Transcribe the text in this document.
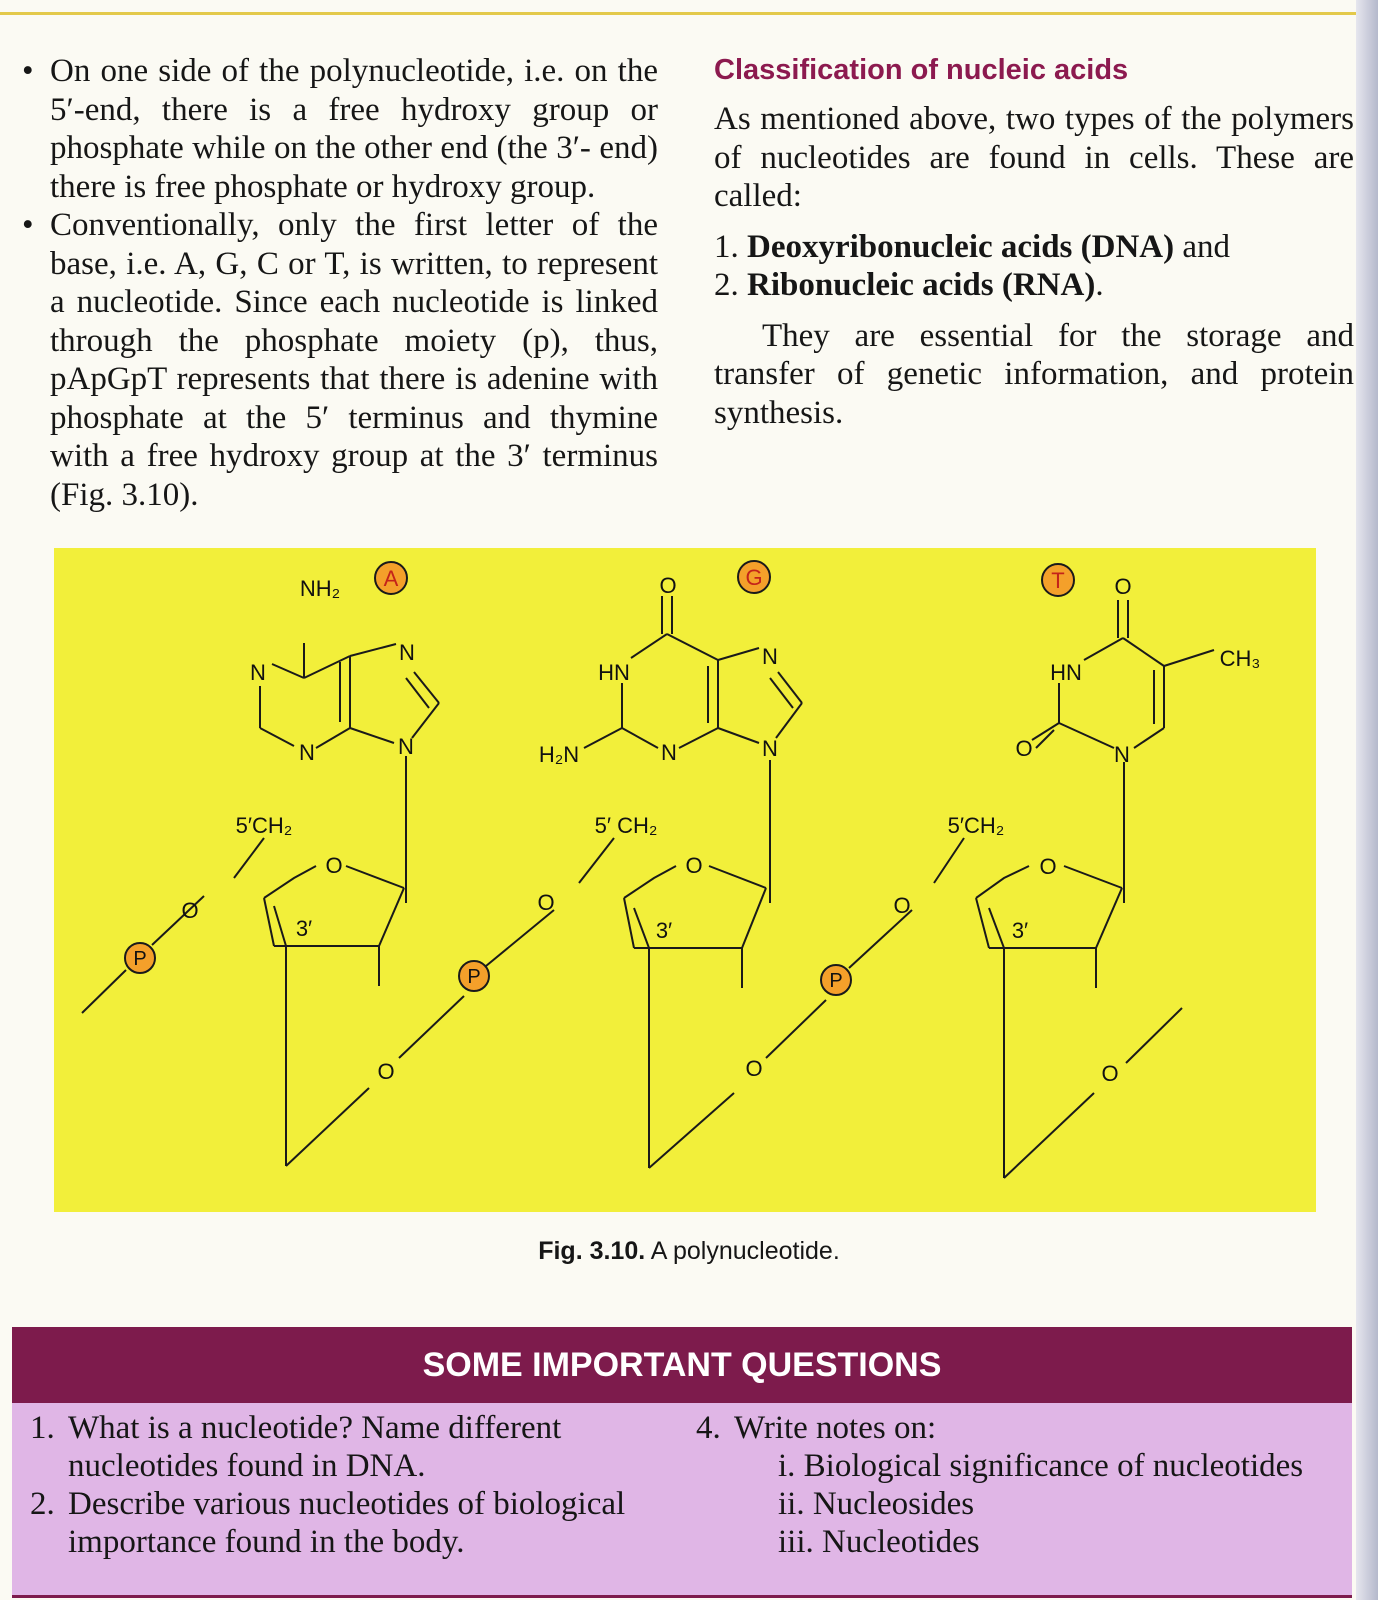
• On one side of the polynucleotide, i.e. on the 5′-end, there is a free hydroxy group or phosphate while on the other end (the 3′- end) there is free phosphate or hydroxy group.
• Conventionally, only the first letter of the base, i.e. A, G, C or T, is written, to represent a nucleotide. Since each nucleotide is linked through the phosphate moiety (p), thus, pApGpT represents that there is adenine with phosphate at the 5′ terminus and thymine with a free hydroxy group at the 3′ terminus (Fig. 3.10).
Classification of nucleic acids

As mentioned above, two types of the polymers of nucleotides are found in cells. These are called:

1. Deoxyribonucleic acids (DNA) and
2. Ribonucleic acids (RNA).

They are essential for the storage and transfer of genetic information, and protein synthesis.

A	G	T
P
P	P
NH₂
N
N
N	N
5′CH₂
O
3′
O
O
O
HN
N
N	N
H₂N
5′ CH₂
O
3′
O
O
O
HN
CH₃
O	N
5′CH₂
O
3′
O
O
Fig. 3.10. A polynucleotide.
SOME IMPORTANT QUESTIONS
1. What is a nucleotide? Name different
nucleotides found in DNA.
2. Describe various nucleotides of biological
importance found in the body.
4. Write notes on:
i. Biological significance of nucleotides
ii. Nucleosides
iii. Nucleotides
